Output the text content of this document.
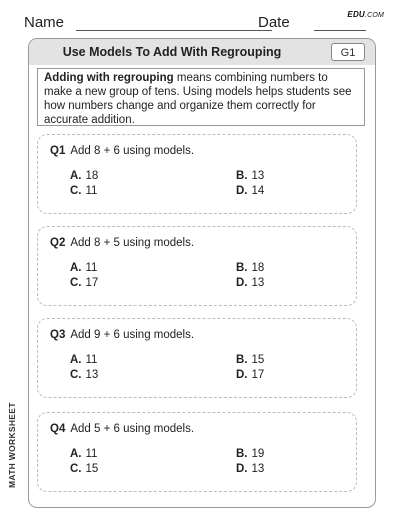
Name	Date	EDU.COM
Use Models To Add With Regrouping	G1
Adding with regrouping means combining numbers to make a new group of tens. Using models helps students see how numbers change and organize them correctly for accurate addition.
Q1 Add 8 + 6 using models.
A. 18	B. 13
C. 11	D. 14
Q2 Add 8 + 5 using models.
A. 11	B. 18
C. 17	D. 13
Q3 Add 9 + 6 using models.
A. 11	B. 15
C. 13	D. 17
Q4 Add 5 + 6 using models.
A. 11	B. 19
C. 15	D. 13
MATH WORKSHEET
